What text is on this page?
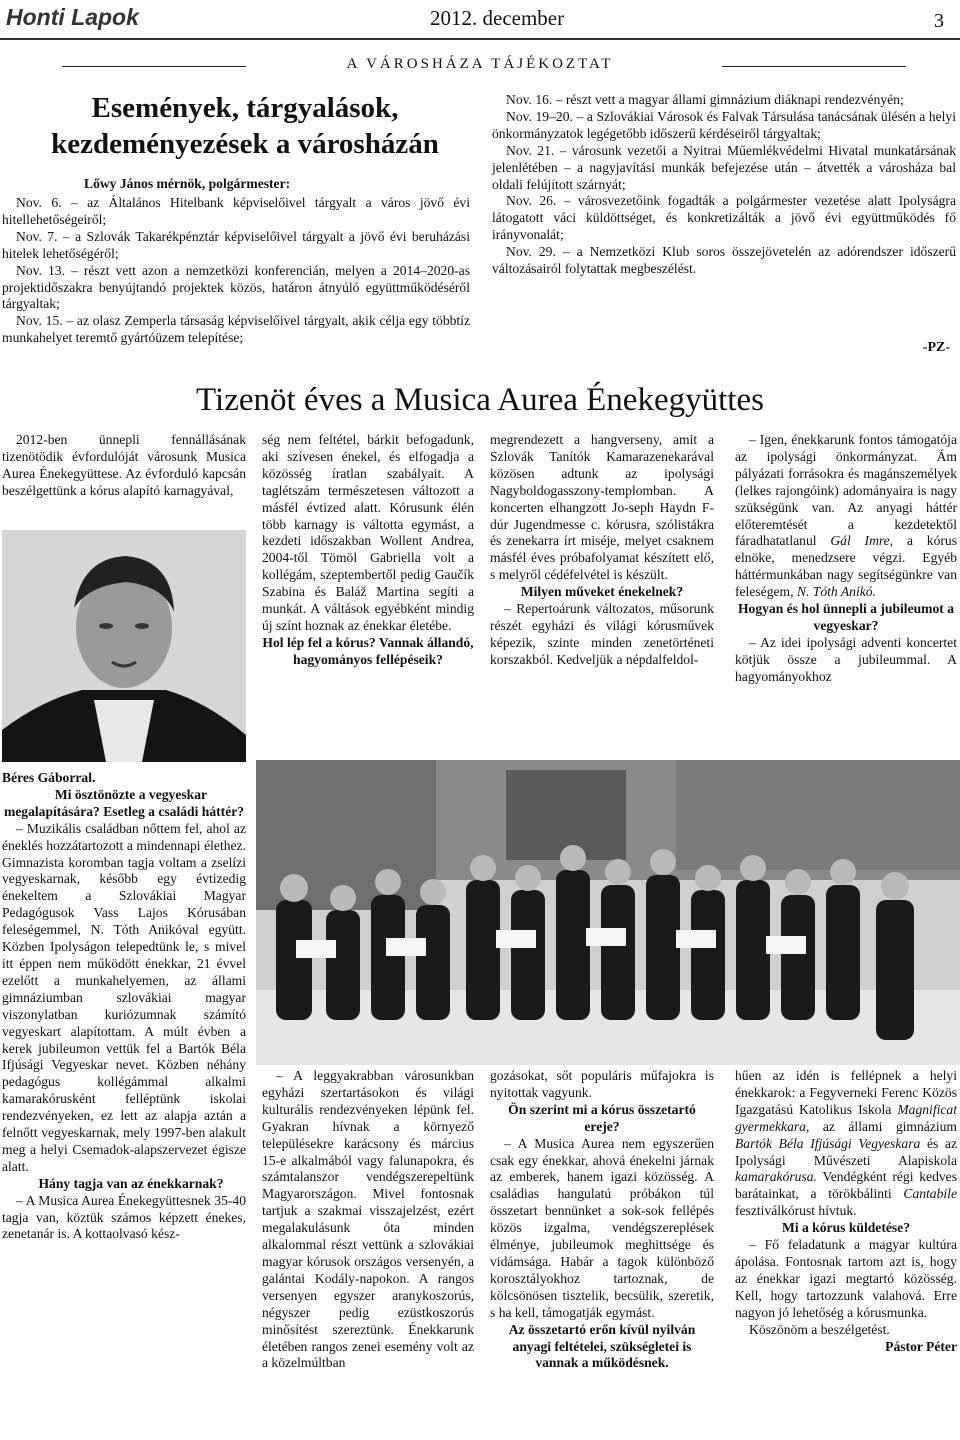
Honti Lapok	2012. december	3
A VÁROSHÁZA TÁJÉKOZTAT
Események, tárgyalások, kezdeményezések a városházán
Lőwy János mérnök, polgármester:

Nov. 6. – az Általános Hitelbank képviselőivel tárgyalt a város jövő évi hitellehetőségeiről;

Nov. 7. – a Szlovák Takarékpénztár képviselőivel tárgyalt a jövő évi beruházási hitelek lehetőségéről;

Nov. 13. – részt vett azon a nemzetközi konferencián, melyen a 2014–2020-as projektidőszakra benyújtandó projektek közös, határon átnyúló együttműködéséről tárgyaltak;

Nov. 15. – az olasz Zemperla társaság képviselőivel tárgyalt, akik célja egy többtíz munkahelyet teremtő gyártóüzem telepítése;

Nov. 16. – részt vett a magyar állami gimnázium diáknapi rendezvényén;

Nov. 19–20. – a Szlovákiai Városok és Falvak Társulása tanácsának ülésén a helyi önkormányzatok legégetőbb időszerű kérdéseiről tárgyaltak;

Nov. 21. – városunk vezetői a Nyitrai Műemlékvédelmi Hivatal munkatársának jelenlétében – a nagyjavítási munkák befejezése után – átvették a városháza bal oldali felújított szárnyát;

Nov. 26. – városvezetőink fogadták a polgármester vezetése alatt Ipolyságra látogatott váci küldöttséget, és konkretizálták a jövő évi együttműködés fő irányvonalát;

Nov. 29. – a Nemzetközi Klub soros összejövetelén az adórendszer időszerű változásairól folytattak megbeszélést.

-PZ-
Tizenöt éves a Musica Aurea Énekegyüttes

2012-ben ünnepli fennállásának tizenötödik évfordulóját városunk Musica Aurea Énekegyüttese. Az évforduló kapcsán beszélgettünk a kórus alapító karnagyával,

Béres Gáborral.

Mi ösztönözte a vegyeskar megalapítására? Esetleg a családi háttér?

– Muzikális családban nőttem fel, ahol az éneklés hozzátartozott a mindennapi élethez. Gimnazista koromban tagja voltam a zselízi vegyeskarnak, később egy évtizedig énekeltem a Szlovákiai Magyar Pedagógusok Vass Lajos Kórusában feleségemmel, N. Tóth Anikóval együtt. Közben Ipolyságon telepedtünk le, s mivel itt éppen nem működött énekkar, 21 évvel ezelőtt a munkahelyemen, az állami gimnáziumban szlovákiai magyar viszonylatban kuriózumnak számító vegyeskart alapítottam. A múlt évben a kerek jubileumon vettük fel a Bartók Béla Ifjúsági Vegyeskar nevet. Közben néhány pedagógus kollégámmal alkalmi kamarakórusként felléptünk iskolai rendezvényeken, ez lett az alapja aztán a felnőtt vegyeskarnak, mely 1997-ben alakult meg a helyi Csemadok-alapszervezet égisze alatt.

Hány tagja van az énekkarnak?

– A Musica Aurea Énekegyüttesnek 35-40 tagja van, köztük számos képzett énekes, zenetanár is. A kottaolvasó kész-

ség nem feltétel, bárkit befogadunk, aki szívesen énekel, és elfogadja a közösség íratlan szabályait. A taglétszám természetesen változott a másfél évtized alatt. Kórusunk élén több karnagy is váltotta egymást, a kezdeti időszakban Wollent Andrea, 2004-től Tömöl Gabriella volt a kollégám, szeptembertől pedig Gaučík Szabina és Baláž Martina segíti a munkát. A váltások egyébként mindig új színt hoznak az énekkar életébe.

Hol lép fel a kórus? Vannak állandó, hagyományos fellépéseik?

megrendezett a hangverseny, amit a Szlovák Tanítók Kamarazenekarával közösen adtunk az ipolysági Nagyboldogasszony-templomban. A koncerten elhangzott Jo-seph Haydn F-dúr Jugendmesse c. kórusra, szólistákra és zenekarra írt miséje, melyet csaknem másfél éves próbafolyamat készített elő, s melyről cédéfelvétel is készült.

Milyen műveket énekelnek?

– Repertoárunk változatos, műsorunk részét egyházi és világi kórusművek képezik, szinte minden zenetörténeti korszakból. Kedveljük a népdalfeldol-

– Igen, énekkarunk fontos támogatója az ipolysági önkormányzat. Ám pályázati forrásokra és magánszemélyek (lelkes rajongóink) adományaira is nagy szükségünk van. Az anyagi háttér előteremtését a kezdetektől fáradhatatlanul Gál Imre, a kórus elnöke, menedzsere végzi. Egyéb háttérmunkában nagy segítségünkre van feleségem, N. Tóth Anikó.

Hogyan és hol ünnepli a jubileumot a vegyeskar?

– Az idei ipolysági adventi koncertet kötjük össze a jubileummal. A hagyományokhoz

– A leggyakrabban városunkban egyházi szertartásokon és világi kulturális rendezvényeken lépünk fel. Gyakran hívnak a környező településekre karácsony és március 15-e alkalmából vagy falunapokra, és számtalanszor vendégszerepeltünk Magyarországon. Mivel fontosnak tartjuk a szakmai visszajelzést, ezért megalakulásunk óta minden alkalommal részt vettünk a szlovákiai magyar kórusok országos versenyén, a galántai Kodály-napokon. A rangos versenyen egyszer aranykoszorús, négyszer pedig ezüstkoszorús minősítést szereztünk. Énekkarunk életében rangos zenei esemény volt az a közelmúltban

gozásokat, sőt populáris műfajokra is nyitottak vagyunk.

Ön szerint mi a kórus összetartó ereje?

– A Musica Aurea nem egyszerűen csak egy énekkar, ahová énekelni járnak az emberek, hanem igazi közösség. A családias hangulatú próbákon túl összetart bennünket a sok-sok fellépés közös izgalma, vendégszereplések élménye, jubileumok meghittsége és vidámsága. Habár a tagok különböző korosztályokhoz tartoznak, de kölcsönösen tisztelik, becsülik, szeretik, s ha kell, támogatják egymást.

Az összetartó erőn kívül nyilván anyagi feltételei, szükségletei is vannak a működésnek.

hűen az idén is fellépnek a helyi énekkarok: a Fegyverneki Ferenc Közös Igazgatású Katolikus Iskola Magnificat gyermekkara, az állami gimnázium Bartók Béla Ifjúsági Vegyeskara és az Ipolysági Művészeti Alapiskola kamarakórusa. Vendégként régi kedves barátainkat, a törökbálinti Cantabile fesztiválkórust hívtuk.

Mi a kórus küldetése?

– Fő feladatunk a magyar kultúra ápolása. Fontosnak tartom azt is, hogy az énekkar igazi megtartó közösség. Kell, hogy tartozzunk valahová. Erre nagyon jó lehetőség a kórusmunka.

Köszönöm a beszélgetést.

Pástor Péter
